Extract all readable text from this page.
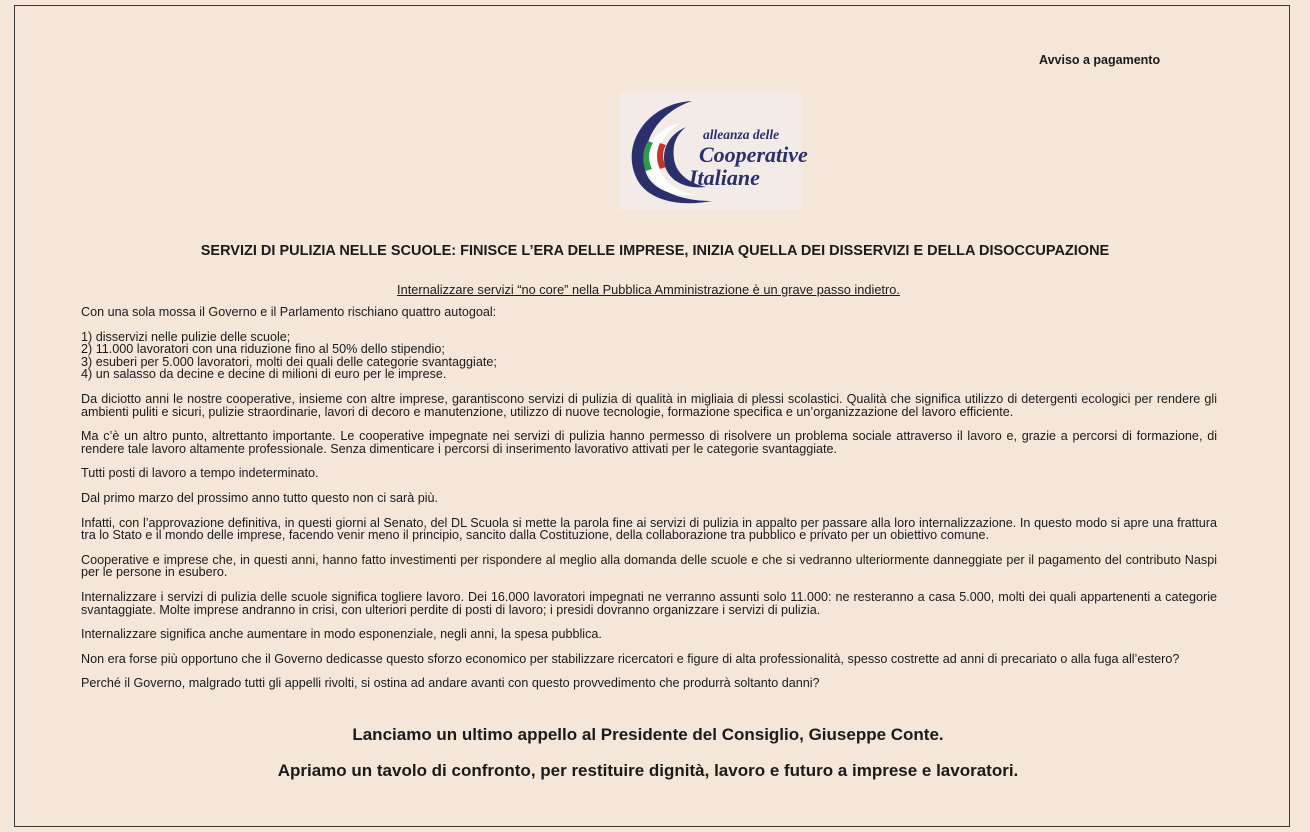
Avviso a pagamento
alleanza delle
Cooperative
Italiane
SERVIZI DI PULIZIA NELLE SCUOLE: FINISCE L’ERA DELLE IMPRESE, INIZIA QUELLA DEI DISSERVIZI E DELLA DISOCCUPAZIONE
Internalizzare servizi “no core” nella Pubblica Amministrazione è un grave passo indietro.

Con una sola mossa il Governo e il Parlamento rischiano quattro autogoal:

1) disservizi nelle pulizie delle scuole;
2) 11.000 lavoratori con una riduzione fino al 50% dello stipendio;
3) esuberi per 5.000 lavoratori, molti dei quali delle categorie svantaggiate;
4) un salasso da decine e decine di milioni di euro per le imprese.

Da diciotto anni le nostre cooperative, insieme con altre imprese, garantiscono servizi di pulizia di qualità in migliaia di plessi scolastici. Qualità che significa utilizzo di detergenti ecologici per rendere gli ambienti puliti e sicuri, pulizie straordinarie, lavori di decoro e manutenzione, utilizzo di nuove tecnologie, formazione specifica e un’organizzazione del lavoro efficiente.

Ma c’è un altro punto, altrettanto importante. Le cooperative impegnate nei servizi di pulizia hanno permesso di risolvere un problema sociale attraverso il lavoro e, grazie a percorsi di formazione, di rendere tale lavoro altamente professionale. Senza dimenticare i percorsi di inserimento lavorativo attivati per le categorie svantaggiate.

Tutti posti di lavoro a tempo indeterminato.

Dal primo marzo del prossimo anno tutto questo non ci sarà più.

Infatti, con l’approvazione definitiva, in questi giorni al Senato, del DL Scuola si mette la parola fine ai servizi di pulizia in appalto per passare alla loro internalizzazione. In questo modo si apre una frattura tra lo Stato e il mondo delle imprese, facendo venir meno il principio, sancito dalla Costituzione, della collaborazione tra pubblico e privato per un obiettivo comune.

Cooperative e imprese che, in questi anni, hanno fatto investimenti per rispondere al meglio alla domanda delle scuole e che si vedranno ulteriormente danneggiate per il pagamento del contributo Naspi per le persone in esubero.

Internalizzare i servizi di pulizia delle scuole significa togliere lavoro. Dei 16.000 lavoratori impegnati ne verranno assunti solo 11.000: ne resteranno a casa 5.000, molti dei quali appartenenti a categorie svantaggiate. Molte imprese andranno in crisi, con ulteriori perdite di posti di lavoro; i presidi dovranno organizzare i servizi di pulizia.

Internalizzare significa anche aumentare in modo esponenziale, negli anni, la spesa pubblica.

Non era forse più opportuno che il Governo dedicasse questo sforzo economico per stabilizzare ricercatori e figure di alta professionalità, spesso costrette ad anni di precariato o alla fuga all’estero?

Perché il Governo, malgrado tutti gli appelli rivolti, si ostina ad andare avanti con questo provvedimento che produrrà soltanto danni?

Lanciamo un ultimo appello al Presidente del Consiglio, Giuseppe Conte.
Apriamo un tavolo di confronto, per restituire dignità, lavoro e futuro a imprese e lavoratori.
